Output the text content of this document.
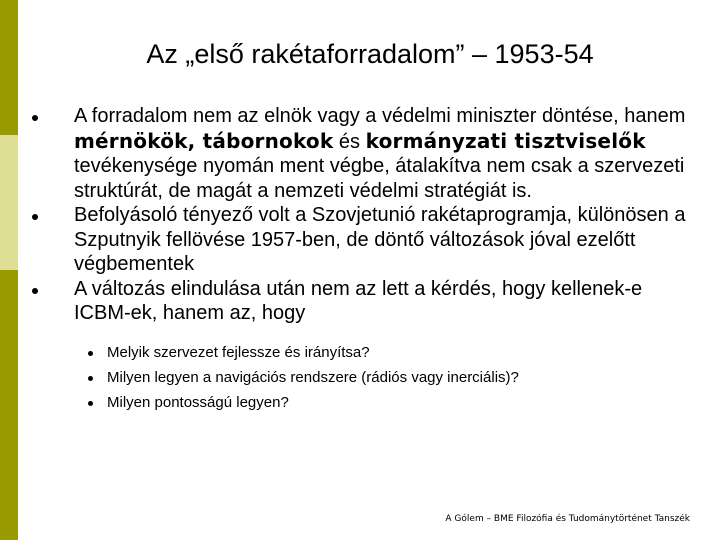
Az „első rakétaforradalom” – 1953-54
A forradalom nem az elnök vagy a védelmi miniszter döntése, hanem mérnökök, tábornokok és kormányzati tisztviselők tevékenysége nyomán ment végbe, átalakítva nem csak a szervezeti struktúrát, de magát a nemzeti védelmi stratégiát is.
Befolyásoló tényező volt a Szovjetunió rakétaprogramja, különösen a Szputnyik fellövése 1957-ben, de döntő változások jóval ezelőtt végbementek
A változás elindulása után nem az lett a kérdés, hogy kellenek-e ICBM-ek, hanem az, hogy
Melyik szervezet fejlessze és irányítsa?
Milyen legyen a navigációs rendszere (rádiós vagy inerciális)?
Milyen pontosságú legyen?
A Gólem – BME Filozófia és Tudománytörténet Tanszék
